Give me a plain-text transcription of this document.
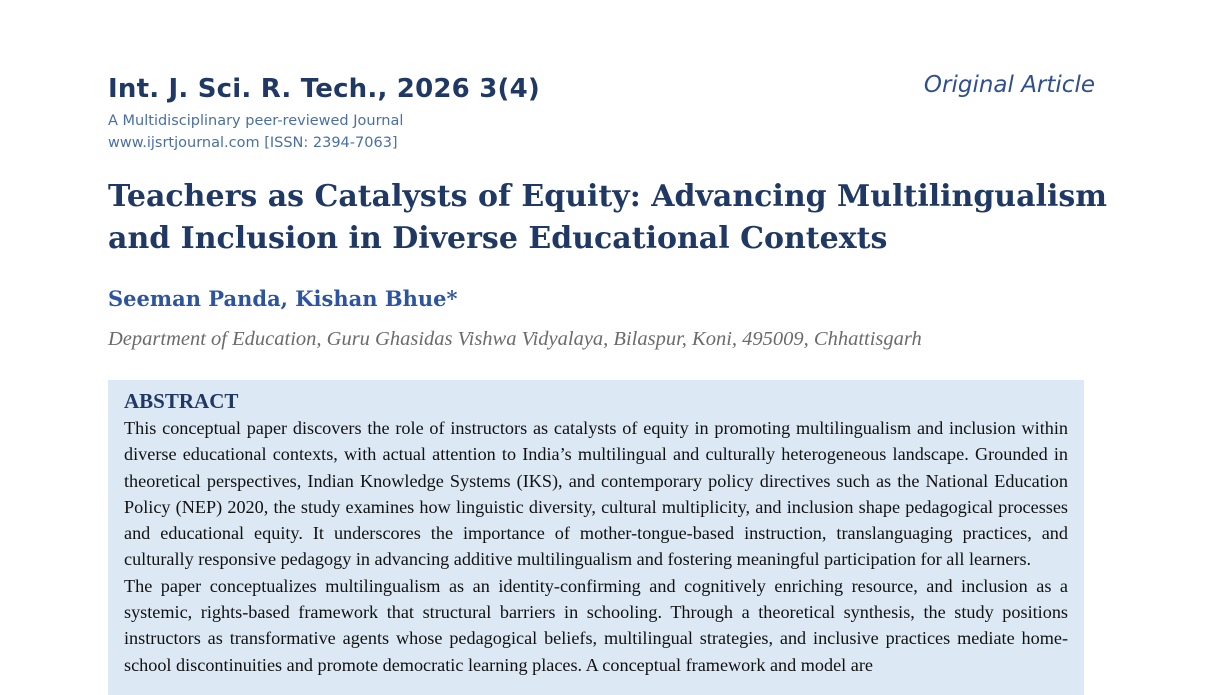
Int. J. Sci. R. Tech., 2026 3(4)
A Multidisciplinary peer-reviewed Journal
www.ijsrtjournal.com [ISSN: 2394-7063]
Original Article
Teachers as Catalysts of Equity: Advancing Multilingualism and Inclusion in Diverse Educational Contexts
Seeman Panda, Kishan Bhue*
Department of Education, Guru Ghasidas Vishwa Vidyalaya, Bilaspur, Koni, 495009, Chhattisgarh
ABSTRACT

This conceptual paper discovers the role of instructors as catalysts of equity in promoting multilingualism and inclusion within diverse educational contexts, with actual attention to India’s multilingual and culturally heterogeneous landscape. Grounded in theoretical perspectives, Indian Knowledge Systems (IKS), and contemporary policy directives such as the National Education Policy (NEP) 2020, the study examines how linguistic diversity, cultural multiplicity, and inclusion shape pedagogical processes and educational equity. It underscores the importance of mother-tongue-based instruction, translanguaging practices, and culturally responsive pedagogy in advancing additive multilingualism and fostering meaningful participation for all learners.

The paper conceptualizes multilingualism as an identity-confirming and cognitively enriching resource, and inclusion as a systemic, rights-based framework that structural barriers in schooling. Through a theoretical synthesis, the study positions instructors as transformative agents whose pedagogical beliefs, multilingual strategies, and inclusive practices mediate home-school discontinuities and promote democratic learning places. A conceptual framework and model are
